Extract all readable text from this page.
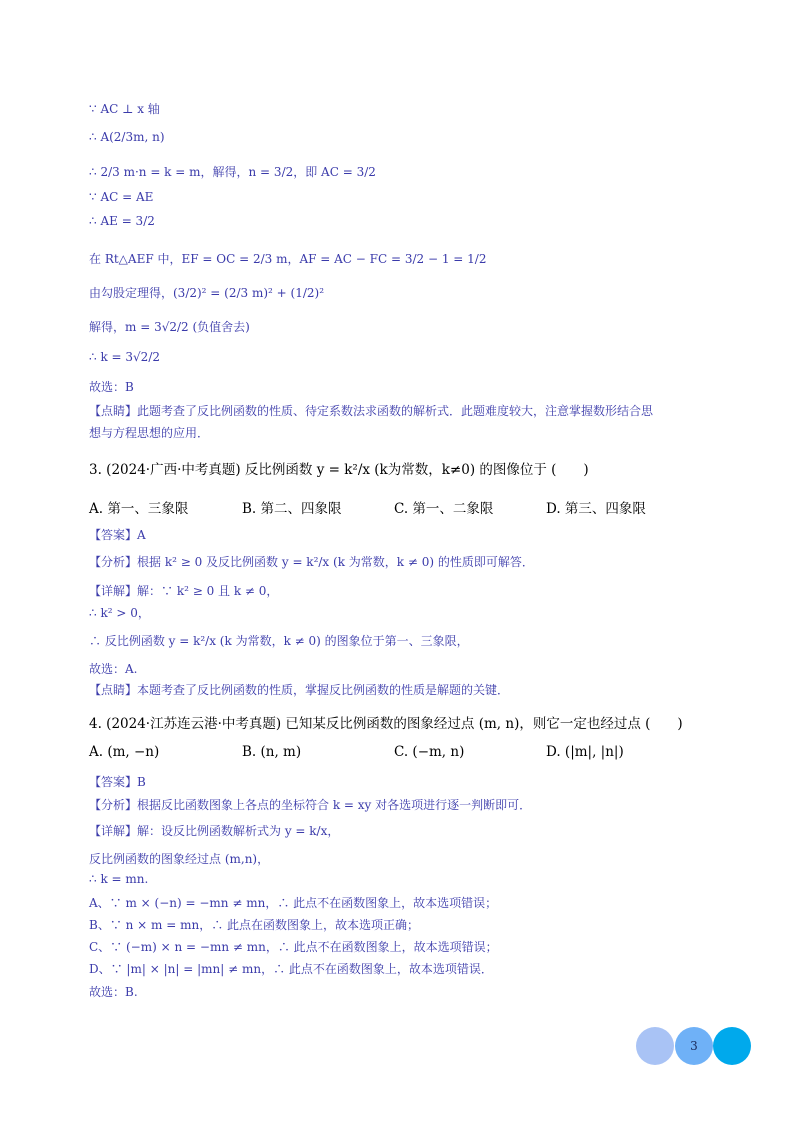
∵ AC ⊥ x 轴
∴ A(2/3m, n)
∴ 2/3 m·n = k = m，解得，n = 3/2，即 AC = 3/2
∵ AC = AE
∴ AE = 3/2
在 Rt△AEF 中，EF = OC = 2/3 m，AF = AC − FC = 3/2 − 1 = 1/2
由勾股定理得，(3/2)² = (2/3 m)² + (1/2)²
解得，m = 3√2/2 (负值舍去)
∴ k = 3√2/2
故选：B
【点睛】此题考查了反比例函数的性质、待定系数法求函数的解析式．此题难度较大，注意掌握数形结合思
想与方程思想的应用．
3. (2024·广西·中考真题) 反比例函数 y = k²/x (k为常数，k≠0) 的图像位于 (　　)
A. 第一、三象限	B. 第二、四象限	C. 第一、二象限	D. 第三、四象限
【答案】A
【分析】根据 k² ≥ 0 及反比例函数 y = k²/x (k 为常数，k ≠ 0) 的性质即可解答．
【详解】解：∵ k² ≥ 0 且 k ≠ 0，
∴ k² > 0，
∴ 反比例函数 y = k²/x (k 为常数，k ≠ 0) 的图象位于第一、三象限，
故选：A.
【点睛】本题考查了反比例函数的性质，掌握反比例函数的性质是解题的关键．
4. (2024·江苏连云港·中考真题) 已知某反比例函数的图象经过点 (m, n)，则它一定也经过点 (　　)
A. (m, −n)	B. (n, m)	C. (−m, n)	D. (|m|, |n|)
【答案】B
【分析】根据反比函数图象上各点的坐标符合 k = xy 对各选项进行逐一判断即可．
【详解】解：设反比例函数解析式为 y = k/x，
反比例函数的图象经过点 (m,n)，
∴ k = mn.
A、∵ m × (−n) = −mn ≠ mn，∴ 此点不在函数图象上，故本选项错误；
B、∵ n × m = mn，∴ 此点在函数图象上，故本选项正确；
C、∵ (−m) × n = −mn ≠ mn，∴ 此点不在函数图象上，故本选项错误；
D、∵ |m| × |n| = |mn| ≠ mn，∴ 此点不在函数图象上，故本选项错误．
故选：B.
3
